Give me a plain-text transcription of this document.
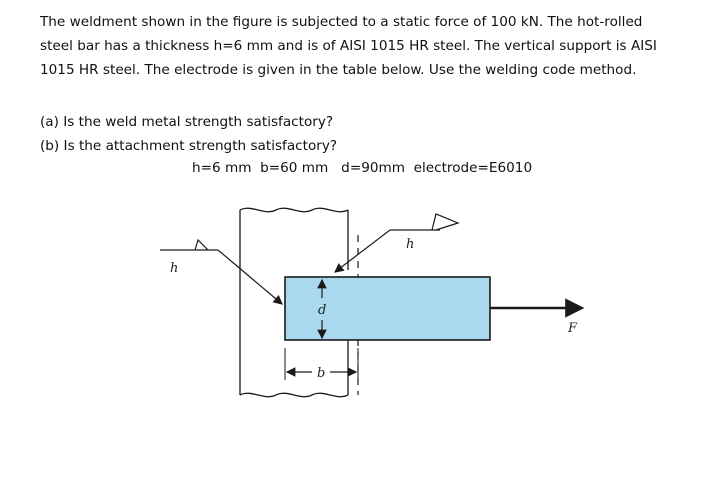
The weldment shown in the figure is subjected to a static force of 100 kN. The hot-rolled

steel bar has a thickness h=6 mm and is of AISI 1015 HR steel. The vertical support is AISI

1015 HR steel. The electrode is given in the table below. Use the welding code method.

(a) Is the weld metal strength satisfactory?

(b) Is the attachment strength satisfactory?

h=6 mm  b=60 mm   d=90mm  electrode=E6010
h
h
d
b
F
